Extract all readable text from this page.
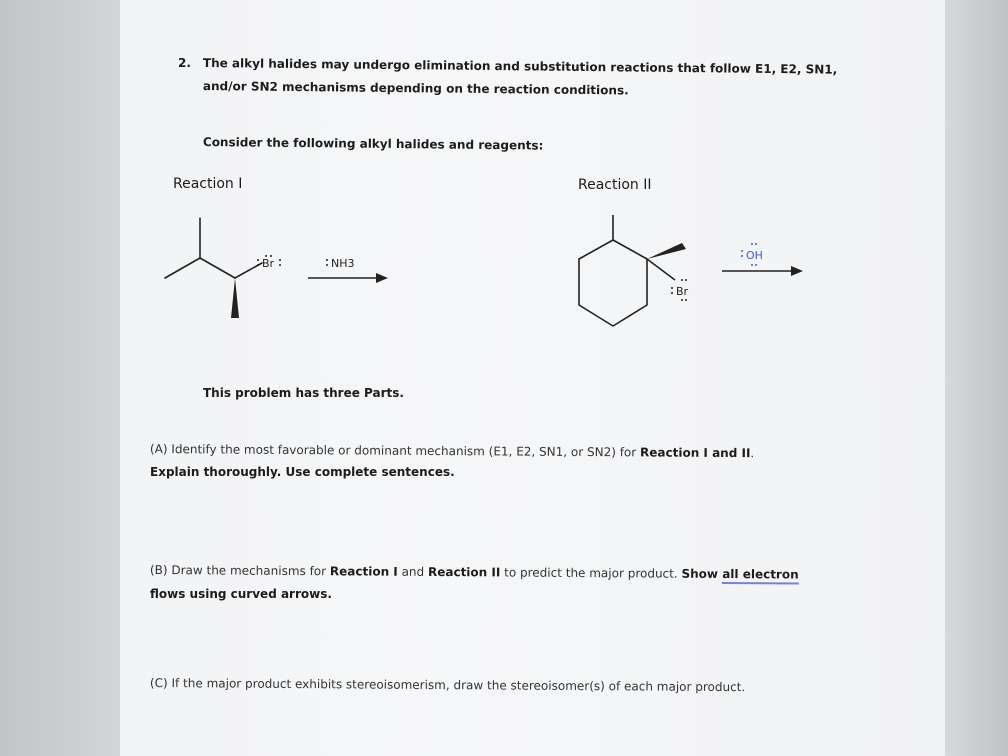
2. The alkyl halides may undergo elimination and substitution reactions that follow E1, E2, SN1,
and/or SN2 mechanisms depending on the reaction conditions.
Consider the following alkyl halides and reagents:
Reaction I	Reaction II
Br	NH3
Br
OH
This problem has three Parts.
(A) Identify the most favorable or dominant mechanism (E1, E2, SN1, or SN2) for Reaction I and II.
Explain thoroughly. Use complete sentences.
(B) Draw the mechanisms for Reaction I and Reaction II to predict the major product. Show all electron
flows using curved arrows.
(C) If the major product exhibits stereoisomerism, draw the stereoisomer(s) of each major product.
